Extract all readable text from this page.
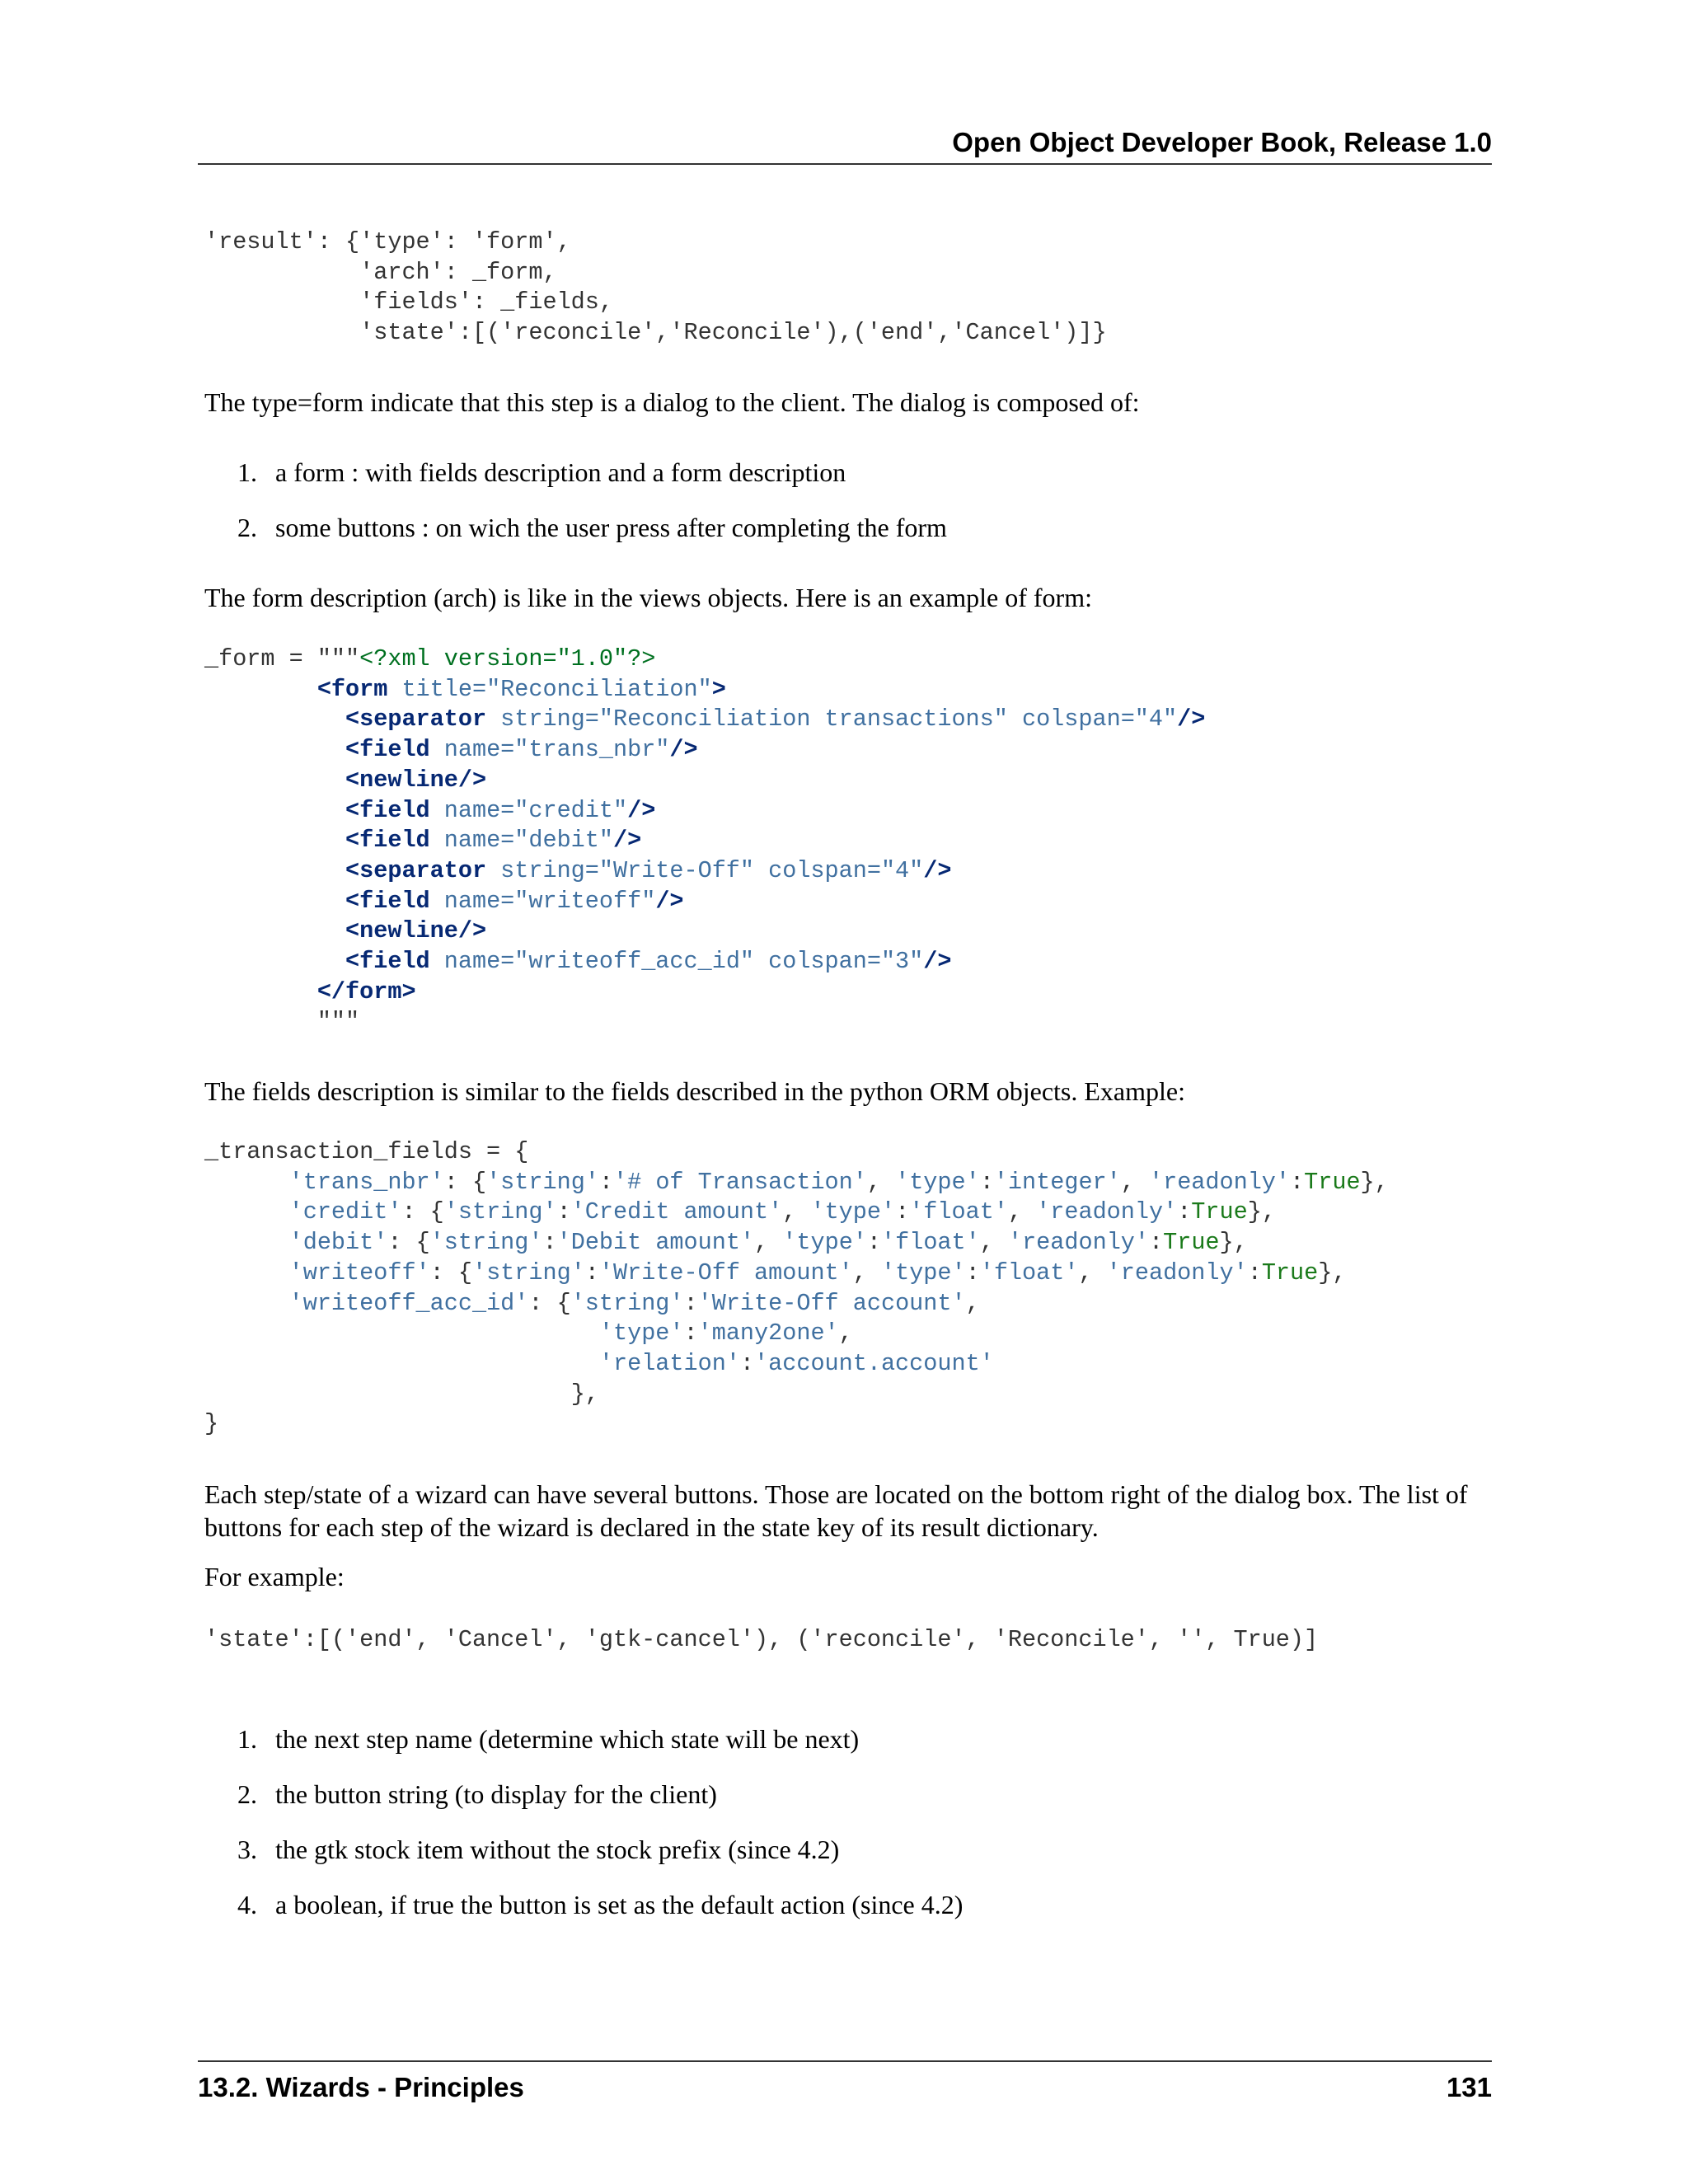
Open Object Developer Book, Release 1.0
'result': {'type': 'form',
'arch': _form,
'fields': _fields,
'state':[('reconcile','Reconcile'),('end','Cancel')]}

The type=form indicate that this step is a dialog to the client. The dialog is composed of:

1. a form : with fields description and a form description
2. some buttons : on wich the user press after completing the form

The form description (arch) is like in the views objects. Here is an example of form:

_form = """<?xml version="1.0"?>
<form title="Reconciliation">
<separator string="Reconciliation transactions" colspan="4"/>
<field name="trans_nbr"/>
<newline/>
<field name="credit"/>
<field name="debit"/>
<separator string="Write-Off" colspan="4"/>
<field name="writeoff"/>
<newline/>
<field name="writeoff_acc_id" colspan="3"/>
</form>
"""

The fields description is similar to the fields described in the python ORM objects. Example:

_transaction_fields = {
'trans_nbr': {'string':'# of Transaction', 'type':'integer', 'readonly':True},
'credit': {'string':'Credit amount', 'type':'float', 'readonly':True},
'debit': {'string':'Debit amount', 'type':'float', 'readonly':True},
'writeoff': {'string':'Write-Off amount', 'type':'float', 'readonly':True},
'writeoff_acc_id': {'string':'Write-Off account',
'type':'many2one',
'relation':'account.account'
},
}

Each step/state of a wizard can have several buttons. Those are located on the bottom right of the dialog box. The list of buttons for each step of the wizard is declared in the state key of its result dictionary.

For example:

'state':[('end', 'Cancel', 'gtk-cancel'), ('reconcile', 'Reconcile', '', True)]
1. the next step name (determine which state will be next)
2. the button string (to display for the client)
3. the gtk stock item without the stock prefix (since 4.2)
4. a boolean, if true the button is set as the default action (since 4.2)
13.2. Wizards - Principles	131
